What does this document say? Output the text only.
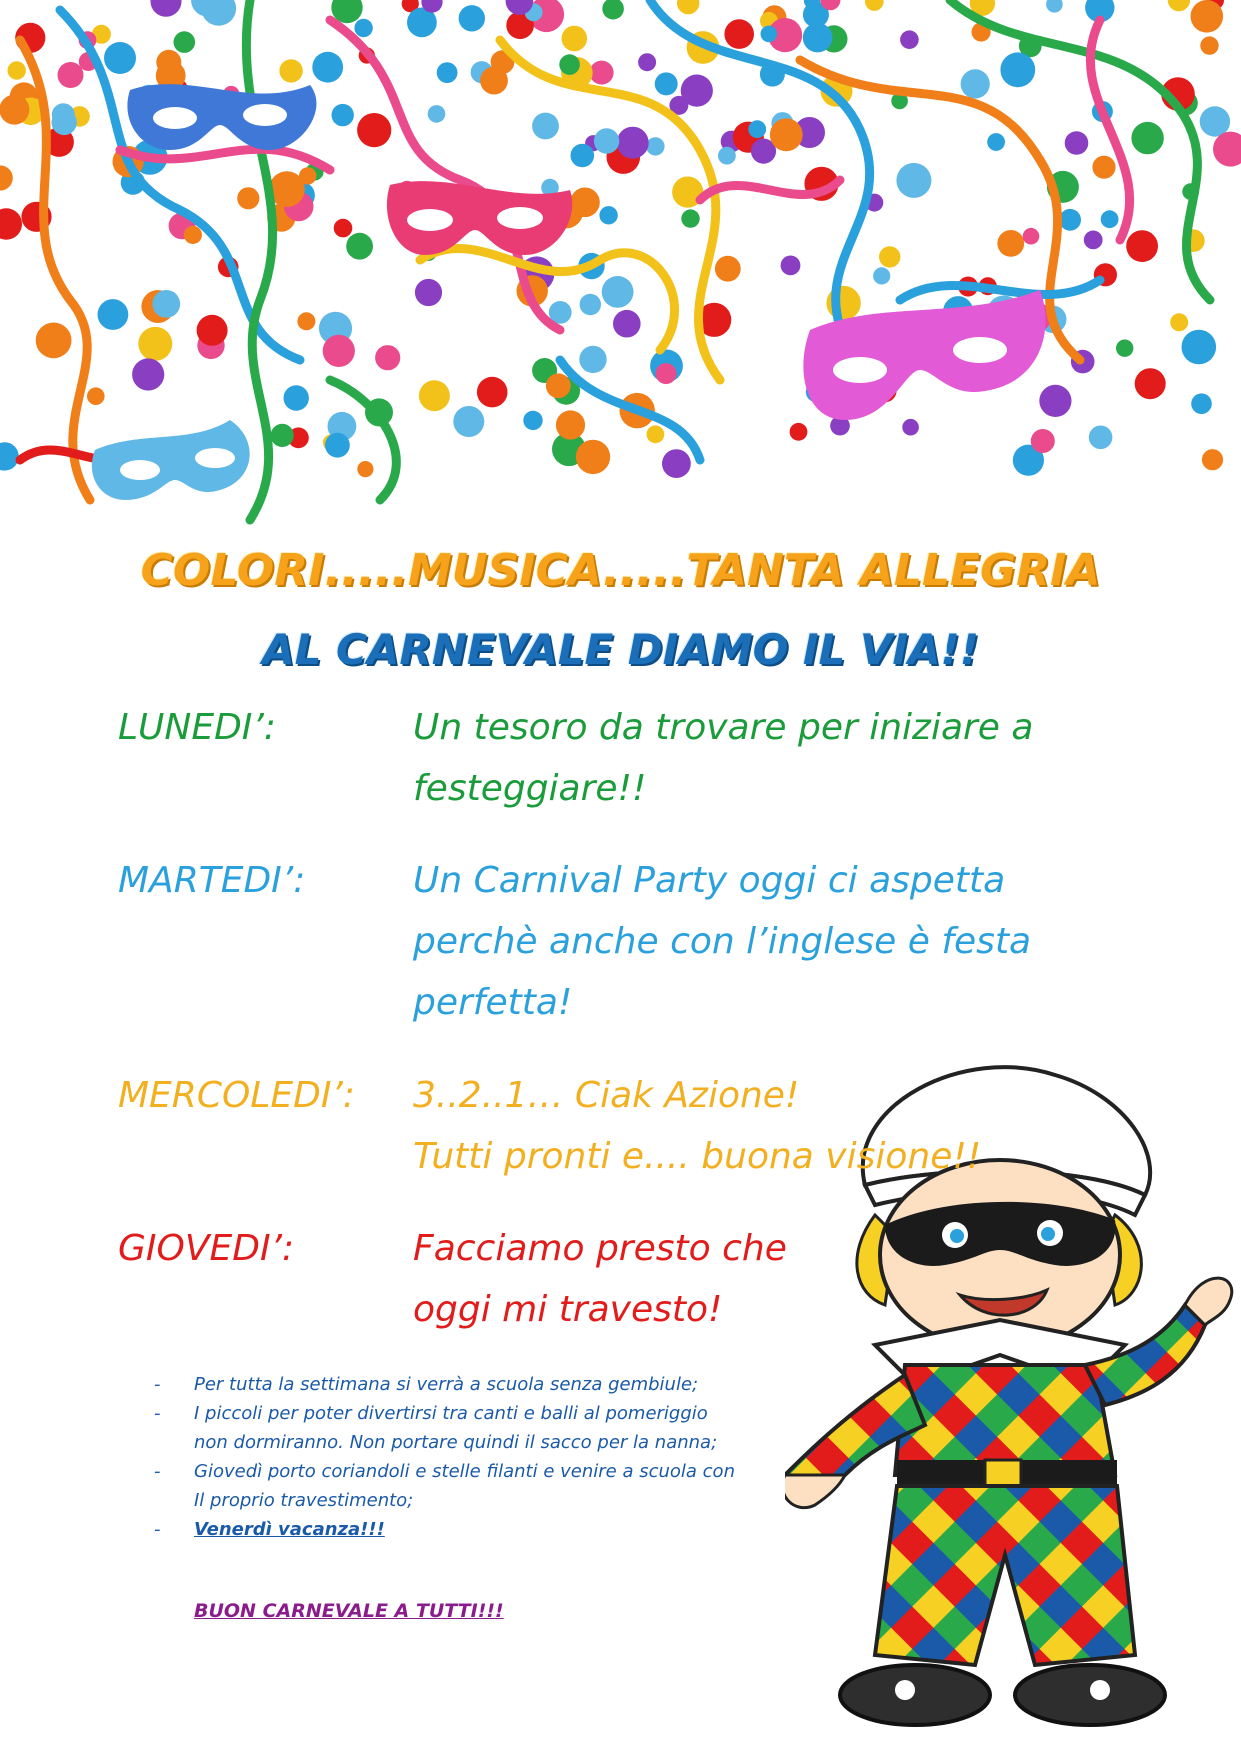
COLORI.....MUSICA.....TANTA ALLEGRIA
AL CARNEVALE DIAMO IL VIA!!
LUNEDI’:	Un tesoro da trovare per iniziare a
festeggiare!!
MARTEDI’:	Un Carnival Party oggi ci aspetta
perchè anche con l’inglese è festa
perfetta!
MERCOLEDI’: 3..2..1… Ciak Azione!
Tutti pronti e.... buona visione!!
GIOVEDI’:	Facciamo presto che
oggi mi travesto!
- Per tutta la settimana si verrà a scuola senza gembiule;
- I piccoli per poter divertirsi tra canti e balli al pomeriggio
non dormiranno. Non portare quindi il sacco per la nanna;
- Giovedì porto coriandoli e stelle filanti e venire a scuola con
Il proprio travestimento;
- Venerdì vacanza!!!
BUON CARNEVALE A TUTTI!!!
